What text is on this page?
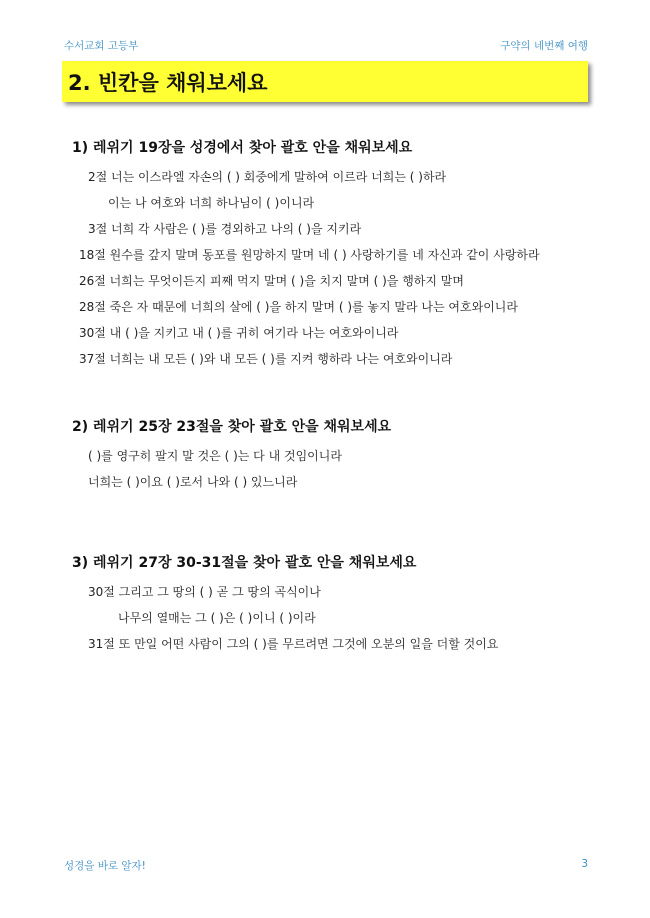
수서교회 고등부	구약의 네번째 여행
2. 빈칸을 채워보세요
1) 레위기 19장을 성경에서 찾아 괄호 안을 채워보세요
2절 너는 이스라엘 자손의 ( ) 회중에게 말하여 이르라 너희는 ( )하라
이는 나 여호와 너희 하나님이 ( )이니라
3절 너희 각 사람은 ( )를 경외하고 나의 ( )을 지키라
18절 원수를 갚지 말며 동포를 원망하지 말며 네 ( ) 사랑하기를 네 자신과 같이 사랑하라
26절 너희는 무엇이든지 피째 먹지 말며 ( )을 치지 말며 ( )을 행하지 말며
28절 죽은 자 때문에 너희의 살에 ( )을 하지 말며 ( )를 놓지 말라 나는 여호와이니라
30절 내 ( )을 지키고 내 ( )를 귀히 여기라 나는 여호와이니라
37절 너희는 내 모든 ( )와 내 모든 ( )를 지켜 행하라 나는 여호와이니라
2) 레위기 25장 23절을 찾아 괄호 안을 채워보세요
( )를 영구히 팔지 말 것은 ( )는 다 내 것임이니라
너희는 ( )이요 ( )로서 나와 ( ) 있느니라
3) 레위기 27장 30-31절을 찾아 괄호 안을 채워보세요
30절 그리고 그 땅의 ( ) 곧 그 땅의 곡식이나
나무의 열매는 그 ( )은 ( )이니 ( )이라
31절 또 만일 어떤 사람이 그의 ( )를 무르려면 그것에 오분의 일을 더할 것이요
성경을 바로 알자!	3
